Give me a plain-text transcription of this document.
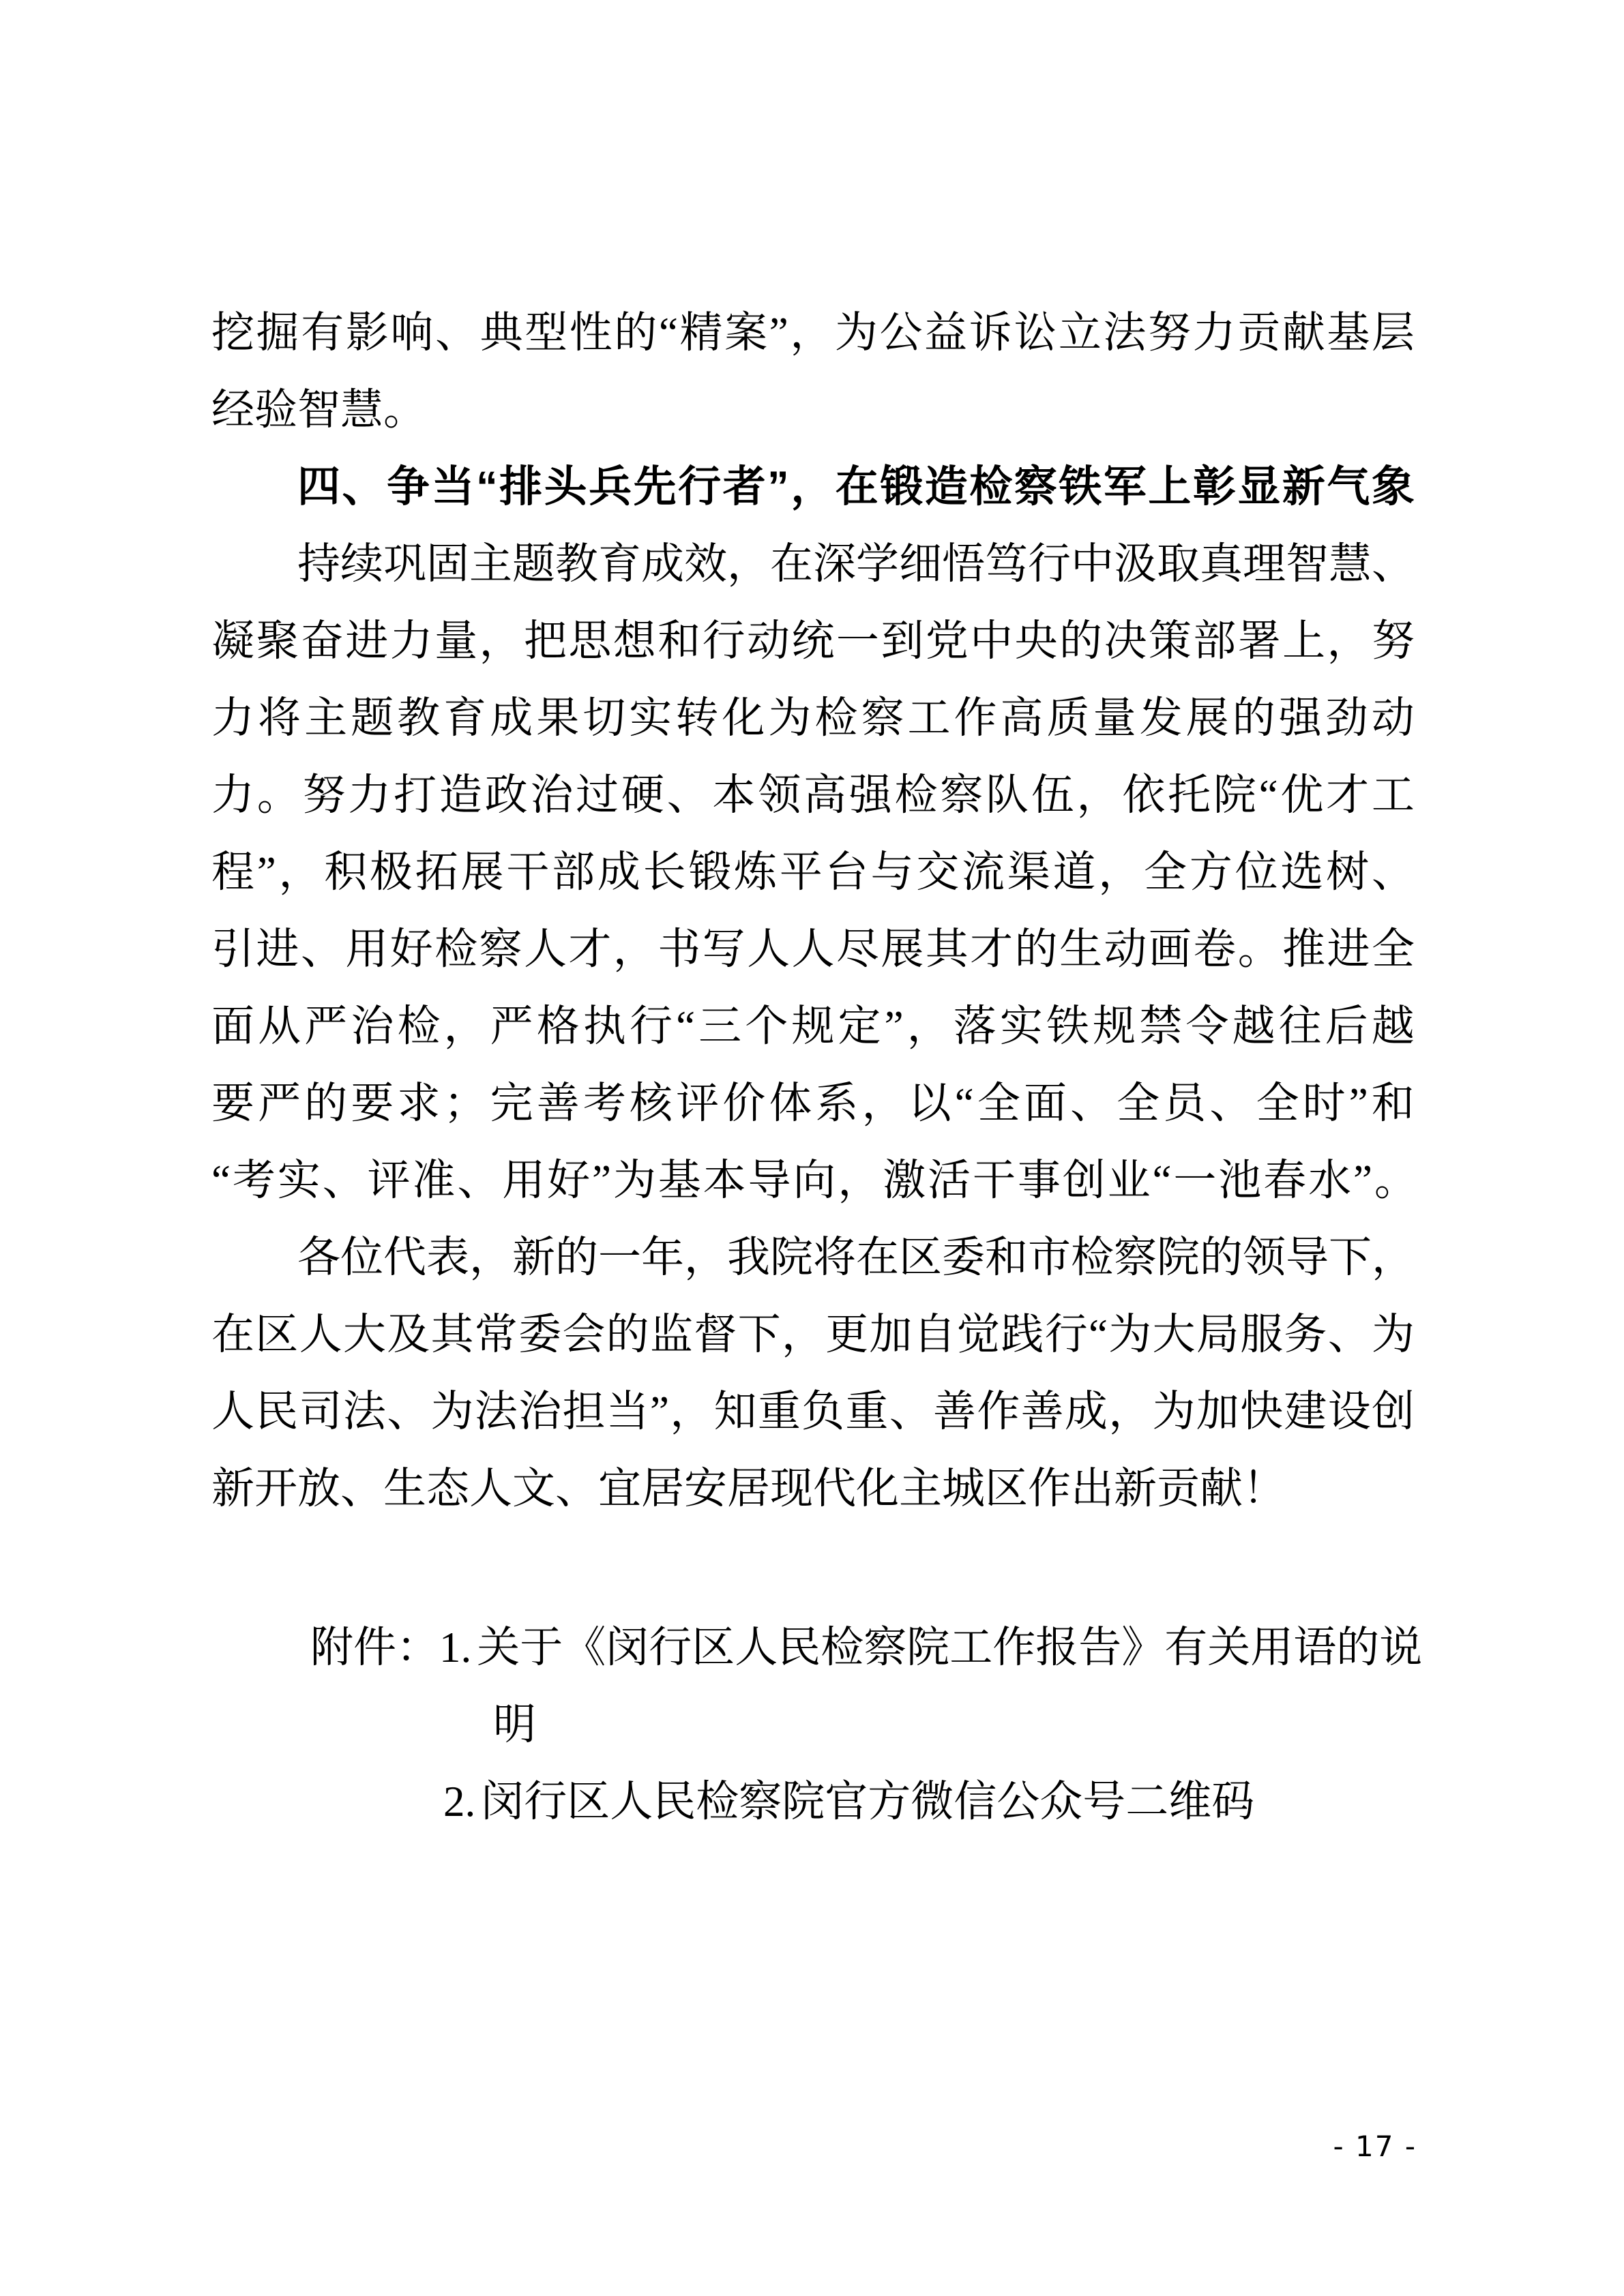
挖 掘 有 影 响 、 典 型 性 的 “ 精 案 ” ， 为 公 益 诉 讼 立 法 努 力 贡 献 基 层
经 验 智 慧 。
四 、 争 当 “ 排 头 兵 先 行 者 ” ， 在 锻 造 检 察 铁 军 上 彰 显 新 气 象
持 续 巩 固 主 题 教 育 成 效 ， 在 深 学 细 悟 笃 行 中 汲 取 真 理 智 慧 、
凝 聚 奋 进 力 量 ， 把 思 想 和 行 动 统 一 到 党 中 央 的 决 策 部 署 上 ， 努
力 将 主 题 教 育 成 果 切 实 转 化 为 检 察 工 作 高 质 量 发 展 的 强 劲 动
力 。 努 力 打 造 政 治 过 硬 、 本 领 高 强 检 察 队 伍 ， 依 托 院 “ 优 才 工
程 ” ， 积 极 拓 展 干 部 成 长 锻 炼 平 台 与 交 流 渠 道 ， 全 方 位 选 树 、
引 进 、 用 好 检 察 人 才 ， 书 写 人 人 尽 展 其 才 的 生 动 画 卷 。 推 进 全
面 从 严 治 检 ， 严 格 执 行 “ 三 个 规 定 ” ， 落 实 铁 规 禁 令 越 往 后 越
要 严 的 要 求 ； 完 善 考 核 评 价 体 系 ， 以 “ 全 面 、 全 员 、 全 时 ” 和
“ 考 实 、 评 准 、 用 好 ” 为 基 本 导 向 ， 激 活 干 事 创 业 “ 一 池 春 水 ” 。
各 位 代 表 ， 新 的 一 年 ， 我 院 将 在 区 委 和 市 检 察 院 的 领 导 下 ，
在 区 人 大 及 其 常 委 会 的 监 督 下 ， 更 加 自 觉 践 行 “ 为 大 局 服 务 、 为
人 民 司 法 、 为 法 治 担 当 ” ， 知 重 负 重 、 善 作 善 成 ， 为 加 快 建 设 创
新 开 放 、 生 态 人 文 、 宜 居 安 居 现 代 化 主 城 区 作 出 新 贡 献 ！
附 件 ： 1. 关 于 《 闵 行 区 人 民 检 察 院 工 作 报 告 》 有 关 用 语 的 说
明
2. 闵 行 区 人 民 检 察 院 官 方 微 信 公 众 号 二 维 码
- 17 -
